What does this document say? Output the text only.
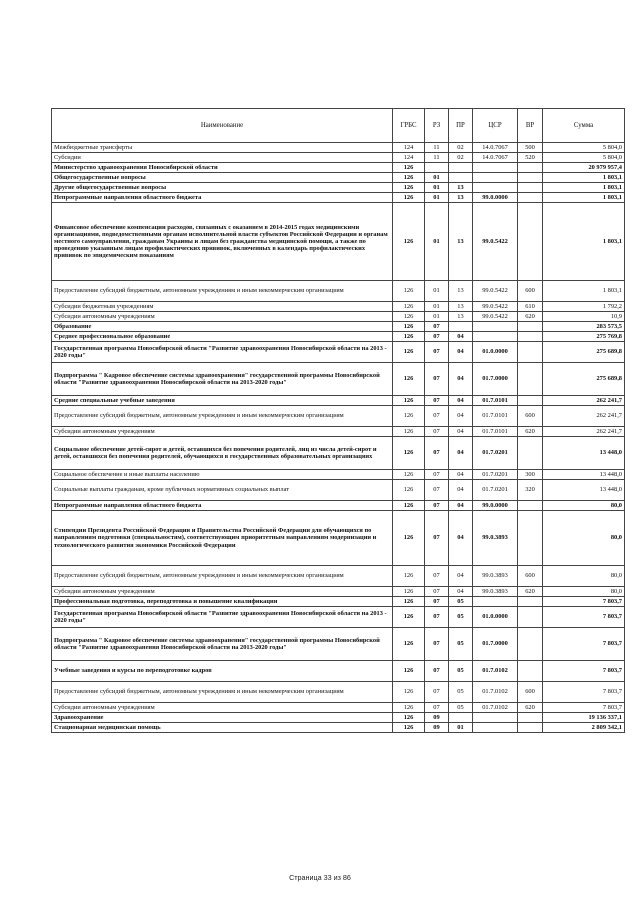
Наименование	ГРБС	РЗ	ПР	ЦСР	ВР	Сумма
Межбюджетные трансферты	124	11	02	14.0.7067	500	5 804,0
Субсидии	124	11	02	14.0.7067	520	5 804,0
Министерство здравоохранения Новосибирской области	126					20 979 957,4
Общегосударственные вопросы	126	01				1 803,1
Другие общегосударственные вопросы	126	01	13			1 803,1
Непрограммные направления областного бюджета	126	01	13	99.0.0000		1 803,1
Финансовое обеспечение компенсации расходов, связанных с оказанием в 2014-2015 годах медицинскими организациями, подведомственными органам исполнительной власти субъектов Российской Федерации и органам местного самоуправления, гражданам Украины и лицам без гражданства медицинской помощи, а также по проведению указанным лицам профилактических прививок, включенных в календарь профилактических прививок по эпидемическим показаниям	126	01	13	99.0.5422		1 803,1
Предоставление субсидий бюджетным, автономным учреждениям и иным некоммерческим организациям	126	01	13	99.0.5422	600	1 803,1
Субсидии бюджетным учреждениям	126	01	13	99.0.5422	610	1 792,2
Субсидии автономным учреждениям	126	01	13	99.0.5422	620	10,9
Образование	126	07				283 573,5
Среднее профессиональное образование	126	07	04			275 769,8
Государственная программа Новосибирской области "Развитие здравоохранения Новосибирской области на 2013 - 2020 годы"	126	07	04	01.0.0000		275 689,8
Подпрограмма " Кадровое обеспечение системы здравоохранения" государственной программы Новосибирской области "Развитие здравоохранения Новосибирской области на 2013-2020 годы"	126	07	04	01.7.0000		275 689,8
Средние специальные учебные заведения	126	07	04	01.7.0101		262 241,7
Предоставление субсидий бюджетным, автономным учреждениям и иным некоммерческим организациям	126	07	04	01.7.0101	600	262 241,7
Субсидии автономным учреждениям	126	07	04	01.7.0101	620	262 241,7
Социальное обеспечение детей-сирот и детей, оставшихся без попечения родителей, лиц из числа детей-сирот и детей, оставшихся без попечения родителей, обучающихся в государственных образовательных организациях	126	07	04	01.7.0201		13 448,0
Социальное обеспечение и иные выплаты населению	126	07	04	01.7.0201	300	13 448,0
Социальные выплаты гражданам, кроме публичных нормативных социальных выплат	126	07	04	01.7.0201	320	13 448,0
Непрограммные направления областного бюджета	126	07	04	99.0.0000		80,0
Стипендии Президента Российской Федерации и Правительства Российской Федерации для обучающихся по направлениям подготовки (специальностям), соответствующим приоритетным направлениям модернизации и технологического развития экономики Российской Федерации	126	07	04	99.0.3893		80,0
Предоставление субсидий бюджетным, автономным учреждениям и иным некоммерческим организациям	126	07	04	99.0.3893	600	80,0
Субсидии автономным учреждениям	126	07	04	99.0.3893	620	80,0
Профессиональная подготовка, переподготовка и повышение квалификации	126	07	05			7 803,7
Государственная программа Новосибирской области "Развитие здравоохранения Новосибирской области на 2013 - 2020 годы"	126	07	05	01.0.0000		7 803,7
Подпрограмма " Кадровое обеспечение системы здравоохранения" государственной программы Новосибирской области "Развитие здравоохранения Новосибирской области на 2013-2020 годы"	126	07	05	01.7.0000		7 803,7
Учебные заведения и курсы по переподготовке кадров	126	07	05	01.7.0102		7 803,7
Предоставление субсидий бюджетным, автономным учреждениям и иным некоммерческим организациям	126	07	05	01.7.0102	600	7 803,7
Субсидии автономным учреждениям	126	07	05	01.7.0102	620	7 803,7
Здравоохранение	126	09				19 136 337,1
Стационарная медицинская помощь	126	09	01			2 809 342,1
Страница 33 из 86
